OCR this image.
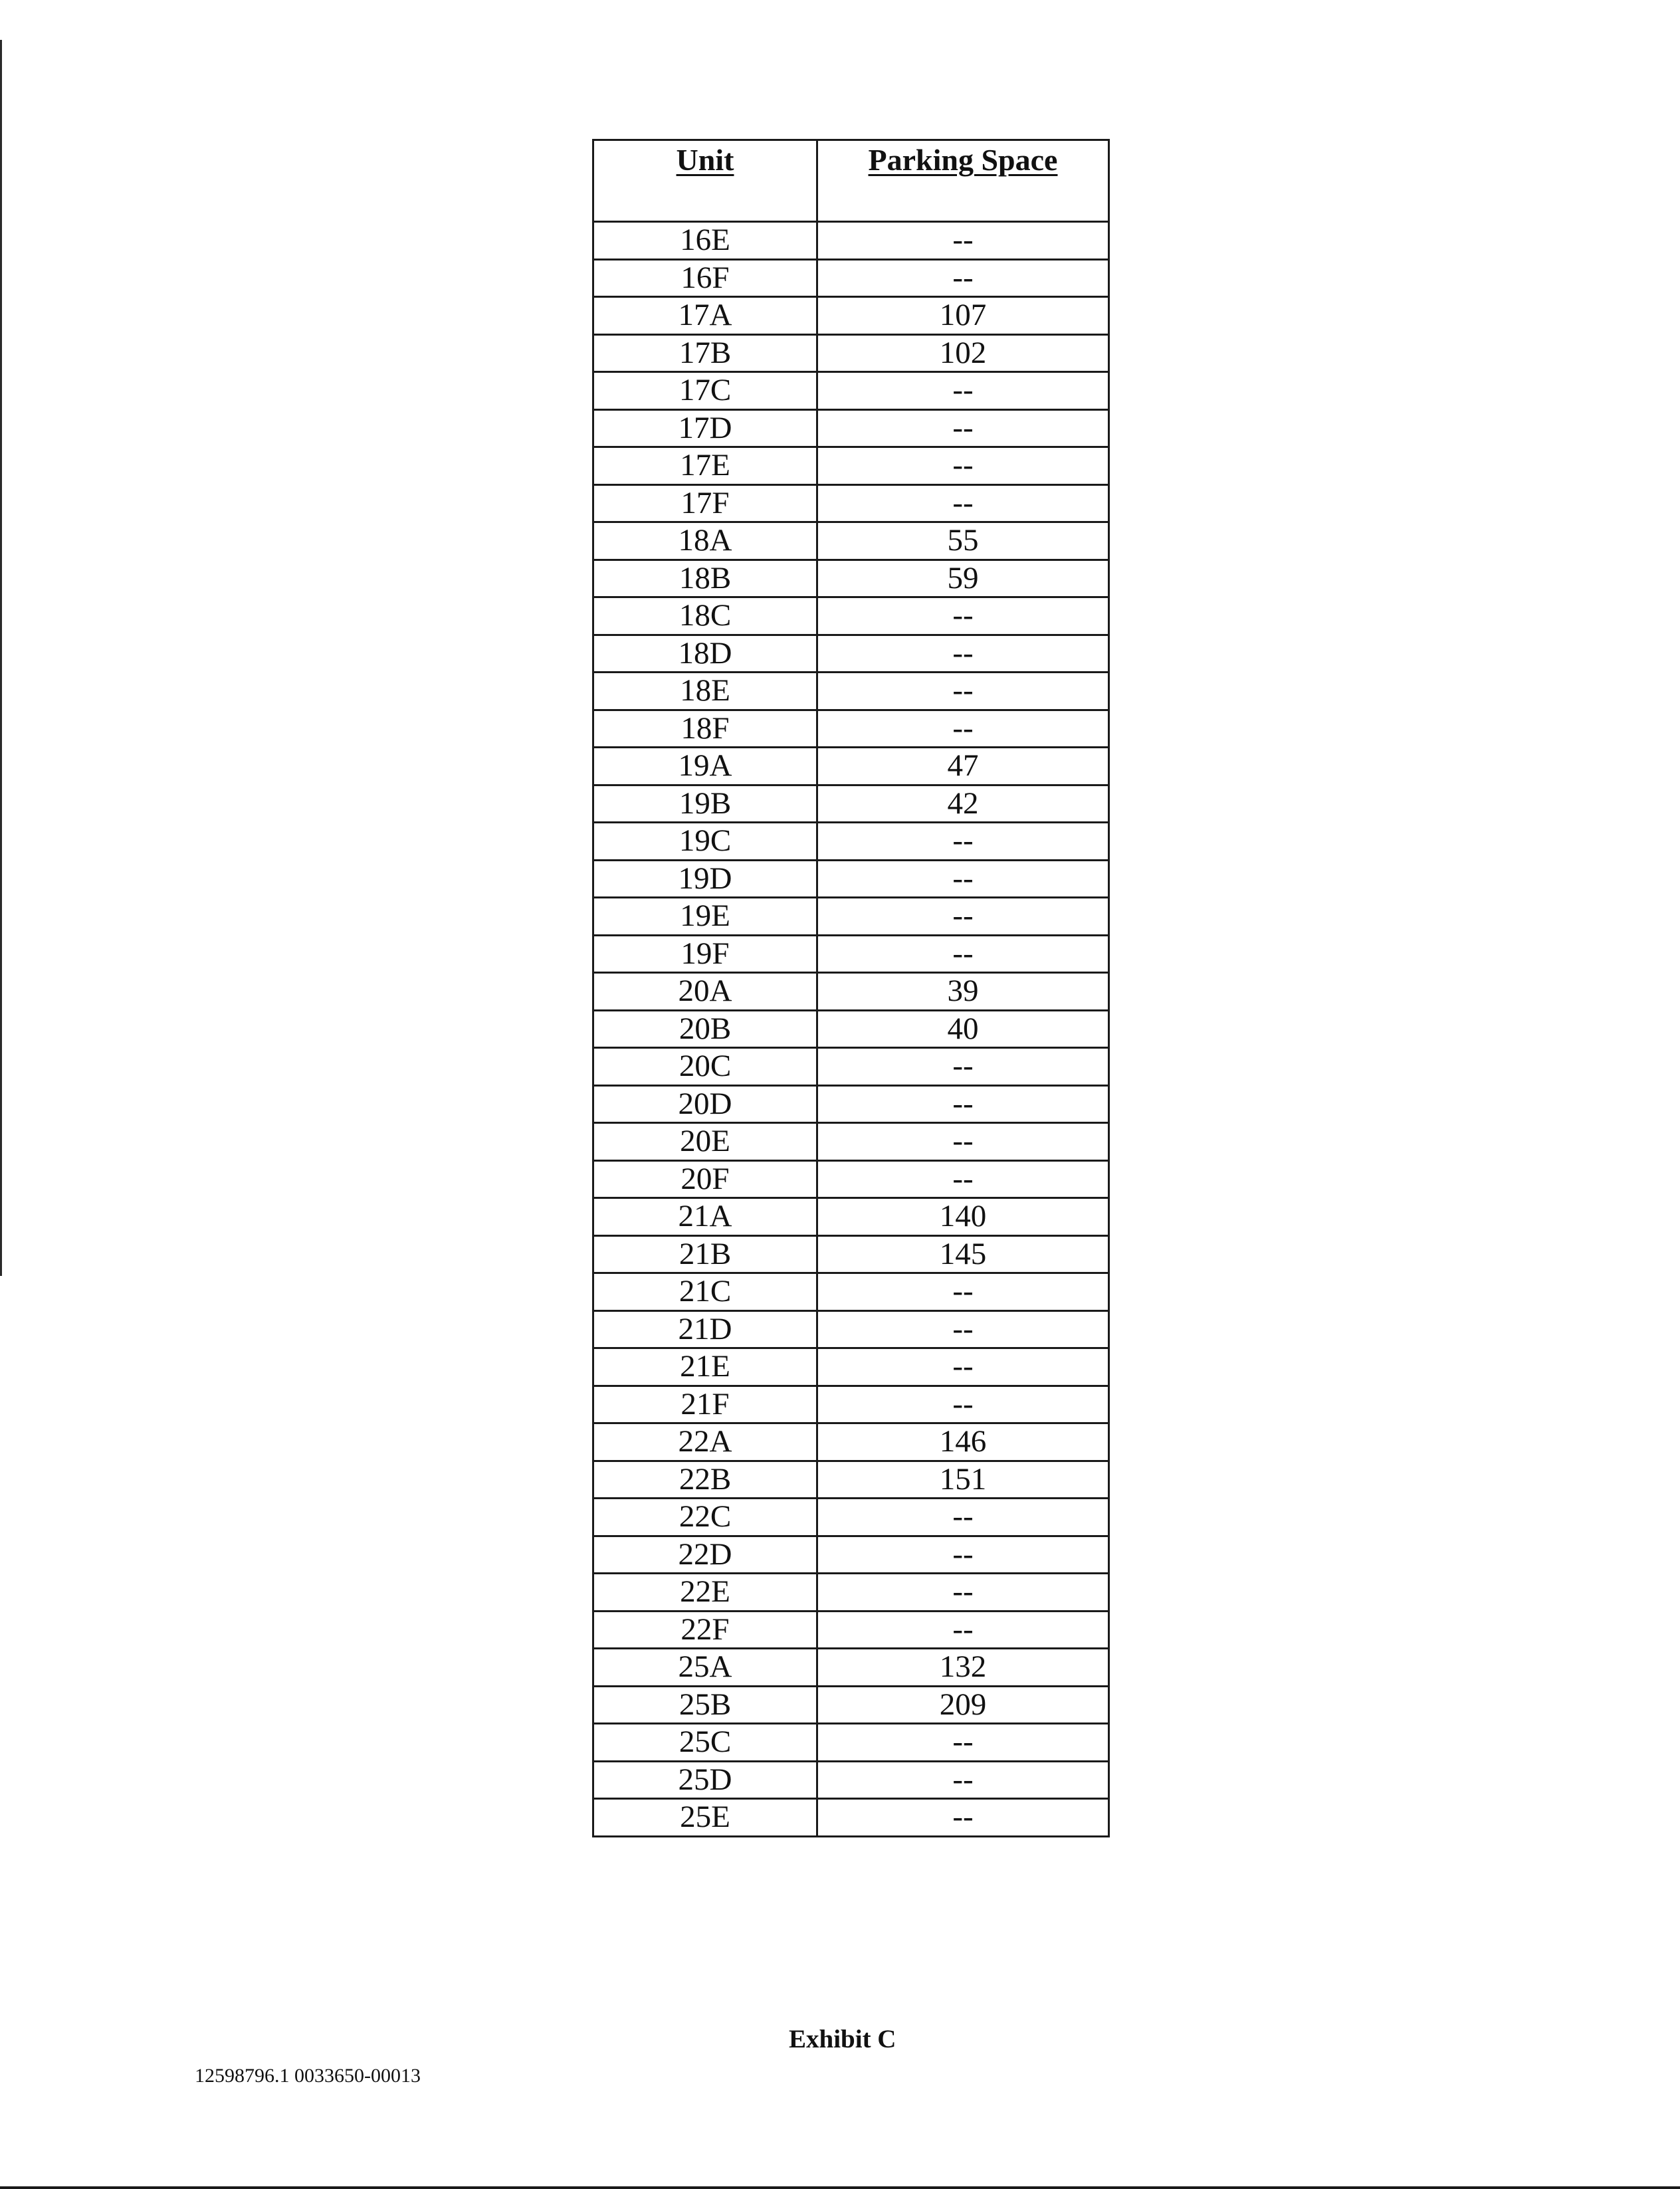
Unit	Parking Space
16E	--
16F	--
17A	107
17B	102
17C	--
17D	--
17E	--
17F	--
18A	55
18B	59
18C	--
18D	--
18E	--
18F	--
19A	47
19B	42
19C	--
19D	--
19E	--
19F	--
20A	39
20B	40
20C	--
20D	--
20E	--
20F	--
21A	140
21B	145
21C	--
21D	--
21E	--
21F	--
22A	146
22B	151
22C	--
22D	--
22E	--
22F	--
25A	132
25B	209
25C	--
25D	--
25E	--
Exhibit C
12598796.1 0033650-00013
